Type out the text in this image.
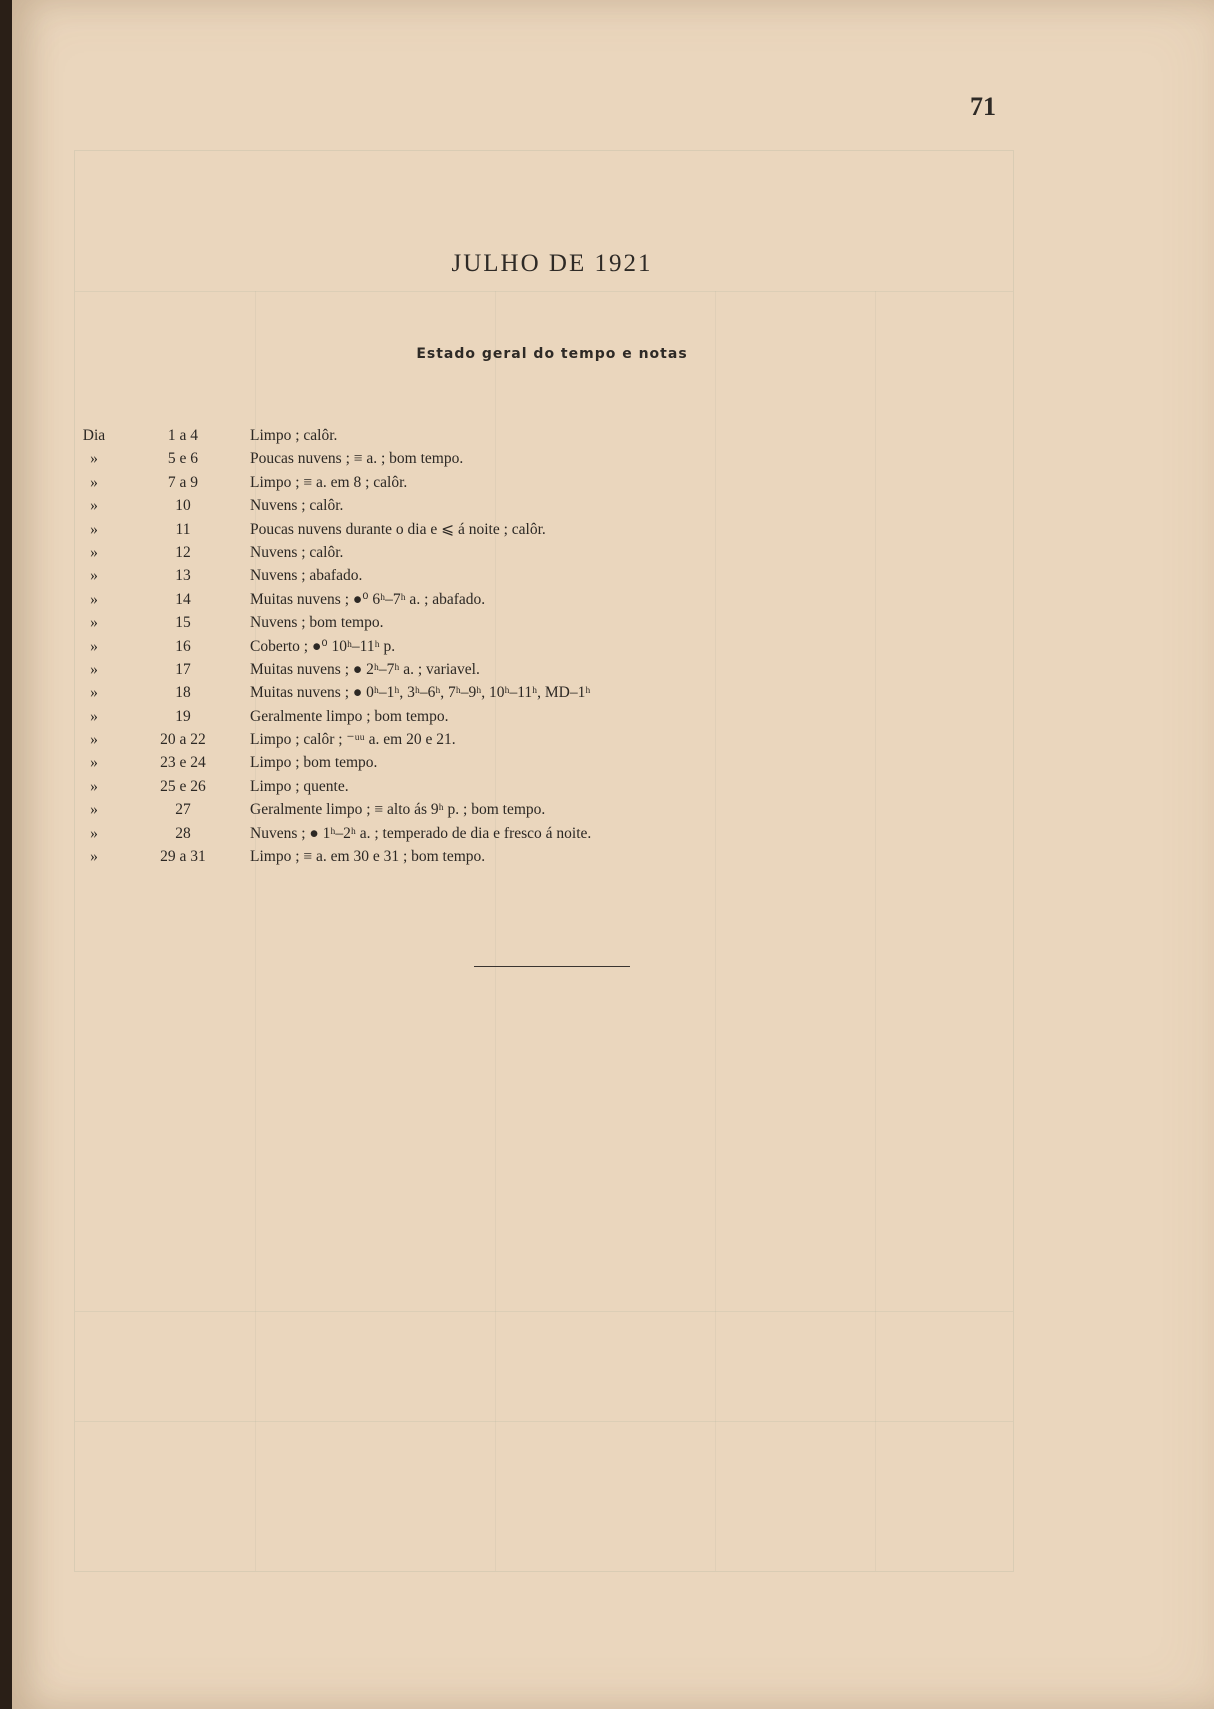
71
JULHO DE 1921
Estado geral do tempo e notas
Dia	1 a 4	Limpo ; calôr.
»	5 e 6	Poucas nuvens ; ≡ a. ; bom tempo.
»	7 a 9	Limpo ; ≡ a. em 8 ; calôr.
»	10	Nuvens ; calôr.
»	11	Poucas nuvens durante o dia e ⩽ á noite ; calôr.
»	12	Nuvens ; calôr.
»	13	Nuvens ; abafado.
»	14	Muitas nuvens ; ●⁰ 6ʰ–7ʰ a. ; abafado.
»	15	Nuvens ; bom tempo.
»	16	Coberto ; ●⁰ 10ʰ–11ʰ p.
»	17	Muitas nuvens ; ● 2ʰ–7ʰ a. ; variavel.
»	18	Muitas nuvens ; ● 0ʰ–1ʰ, 3ʰ–6ʰ, 7ʰ–9ʰ, 10ʰ–11ʰ, MD–1ʰ
»	19	Geralmente limpo ; bom tempo.
»	20 a 22	Limpo ; calôr ; ⁻ᵘᵘ a. em 20 e 21.
»	23 e 24	Limpo ; bom tempo.
»	25 e 26	Limpo ; quente.
»	27	Geralmente limpo ; ≡ alto ás 9ʰ p. ; bom tempo.
»	28	Nuvens ; ● 1ʰ–2ʰ a. ; temperado de dia e fresco á noite.
»	29 a 31	Limpo ; ≡ a. em 30 e 31 ; bom tempo.
